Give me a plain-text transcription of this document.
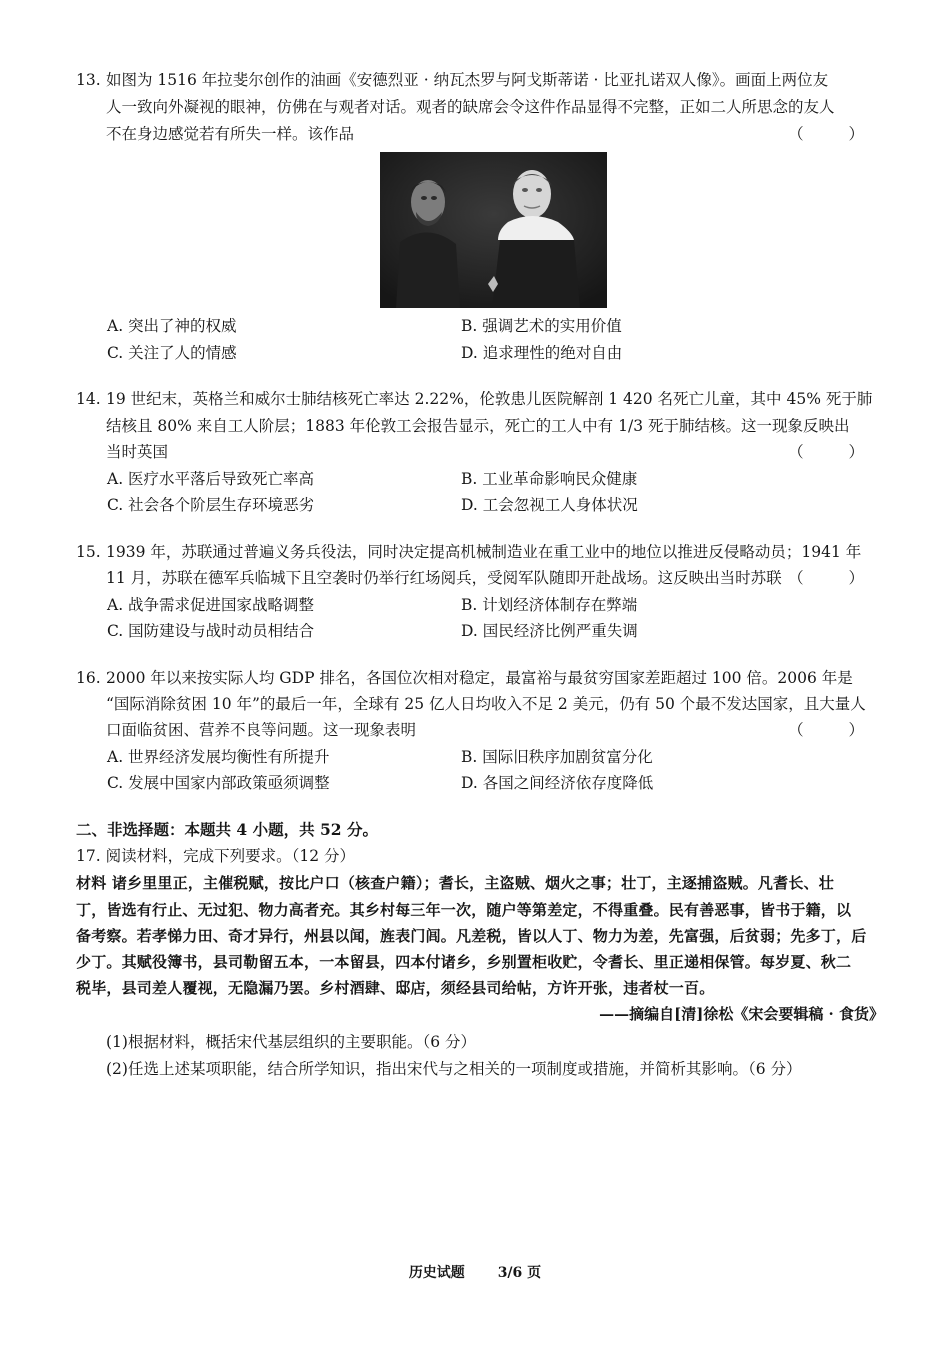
13. 如图为 1516 年拉斐尔创作的油画《安德烈亚 · 纳瓦杰罗与阿戈斯蒂诺 · 比亚扎诺双人像》。画面上两位友
人一致向外凝视的眼神，仿佛在与观者对话。观者的缺席会令这件作品显得不完整，正如二人所思念的友人
不在身边感觉若有所失一样。该作品	（ ）
A. 突出了神的权威	B. 强调艺术的实用价值
C. 关注了人的情感	D. 追求理性的绝对自由
14. 19 世纪末，英格兰和威尔士肺结核死亡率达 2.22%，伦敦患儿医院解剖 1 420 名死亡儿童，其中 45% 死于肺
结核且 80% 来自工人阶层；1883 年伦敦工会报告显示，死亡的工人中有 1/3 死于肺结核。这一现象反映出
当时英国	（ ）
A. 医疗水平落后导致死亡率高	B. 工业革命影响民众健康
C. 社会各个阶层生存环境恶劣	D. 工会忽视工人身体状况
15. 1939 年，苏联通过普遍义务兵役法，同时决定提高机械制造业在重工业中的地位以推进反侵略动员；1941 年
11 月，苏联在德军兵临城下且空袭时仍举行红场阅兵，受阅军队随即开赴战场。这反映出当时苏联 （ ）
A. 战争需求促进国家战略调整	B. 计划经济体制存在弊端
C. 国防建设与战时动员相结合	D. 国民经济比例严重失调
16. 2000 年以来按实际人均 GDP 排名，各国位次相对稳定，最富裕与最贫穷国家差距超过 100 倍。2006 年是
“国际消除贫困 10 年”的最后一年，全球有 25 亿人日均收入不足 2 美元，仍有 50 个最不发达国家，且大量人
口面临贫困、营养不良等问题。这一现象表明	（ ）
A. 世界经济发展均衡性有所提升	B. 国际旧秩序加剧贫富分化
C. 发展中国家内部政策亟须调整	D. 各国之间经济依存度降低
二、非选择题：本题共 4 小题，共 52 分。
17. 阅读材料，完成下列要求。（12 分）
材料 诸乡里里正，主催税赋，按比户口（核查户籍）；耆长，主盗贼、烟火之事；壮丁，主逐捕盗贼。凡耆长、壮
丁，皆选有行止、无过犯、物力高者充。其乡村每三年一次，随户等第差定，不得重叠。民有善恶事，皆书于籍，以
备考察。若孝悌力田、奇才异行，州县以闻，旌表门闾。凡差税，皆以人丁、物力为差，先富强，后贫弱；先多丁，后
少丁。其赋役簿书，县司勒留五本，一本留县，四本付诸乡，乡别置柜收贮，令耆长、里正递相保管。每岁夏、秋二
税毕，县司差人覆视，无隐漏乃罢。乡村酒肆、邸店，须经县司给帖，方许开张，违者杖一百。
——摘编自[清]徐松《宋会要辑稿 · 食货》
(1)根据材料，概括宋代基层组织的主要职能。（6 分）
(2)任选上述某项职能，结合所学知识，指出宋代与之相关的一项制度或措施，并简析其影响。（6 分）
历史试题 3/6 页
